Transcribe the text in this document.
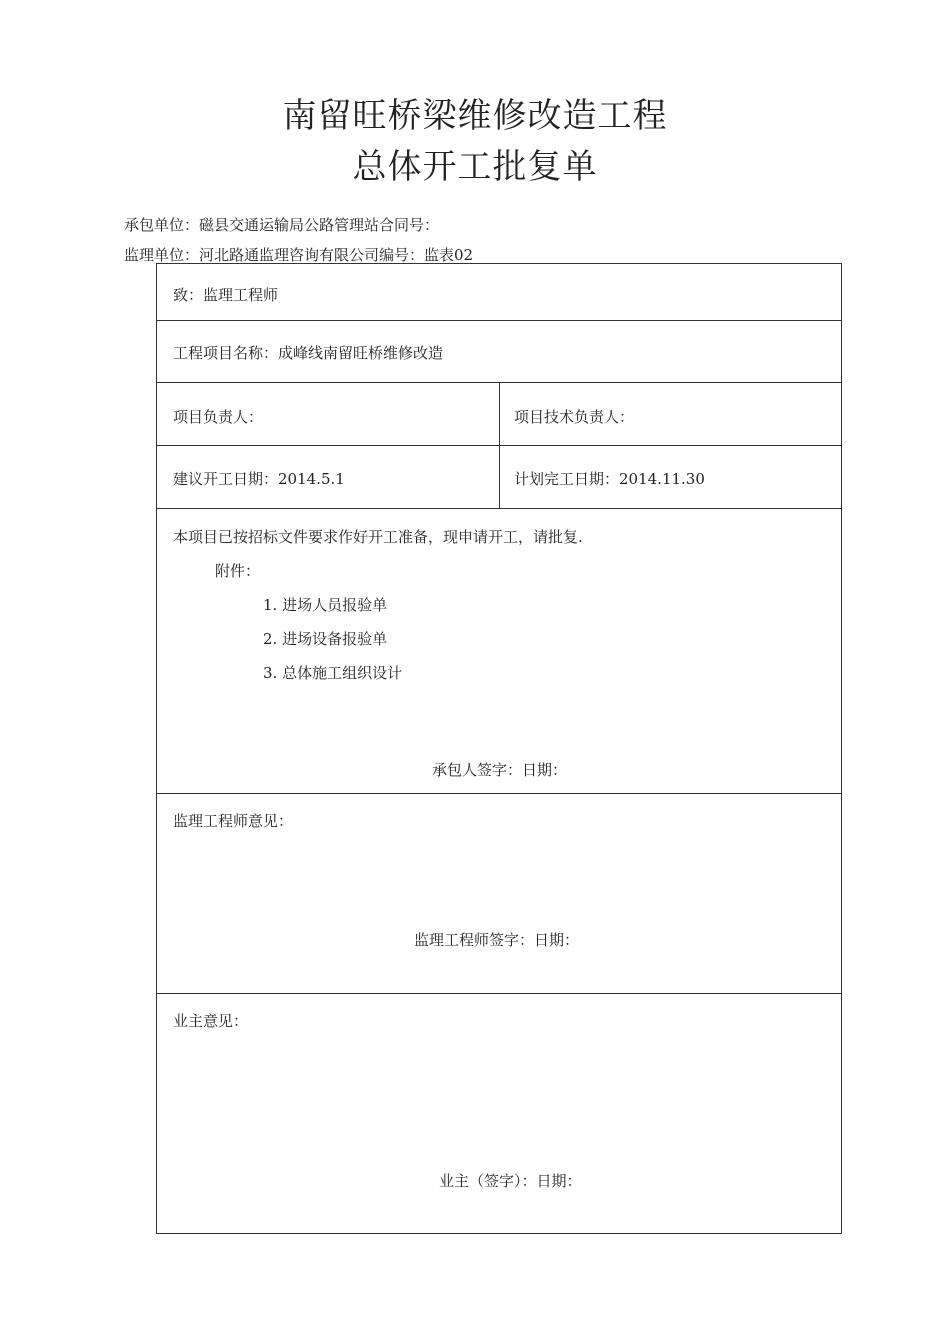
南留旺桥梁维修改造工程
总体开工批复单
承包单位：磁县交通运输局公路管理站合同号：
监理单位：河北路通监理咨询有限公司编号：监表02
致：监理工程师
工程项目名称：成峰线南留旺桥维修改造
项目负责人：	项目技术负责人：
建议开工日期：2014.5.1	计划完工日期：2014.11.30
本项目已按招标文件要求作好开工准备，现申请开工，请批复.
附件：
1. 进场人员报验单
2. 进场设备报验单
3. 总体施工组织设计
承包人签字：日期：
监理工程师意见：
监理工程师签字：日期：
业主意见：
业主（签字）：日期：
